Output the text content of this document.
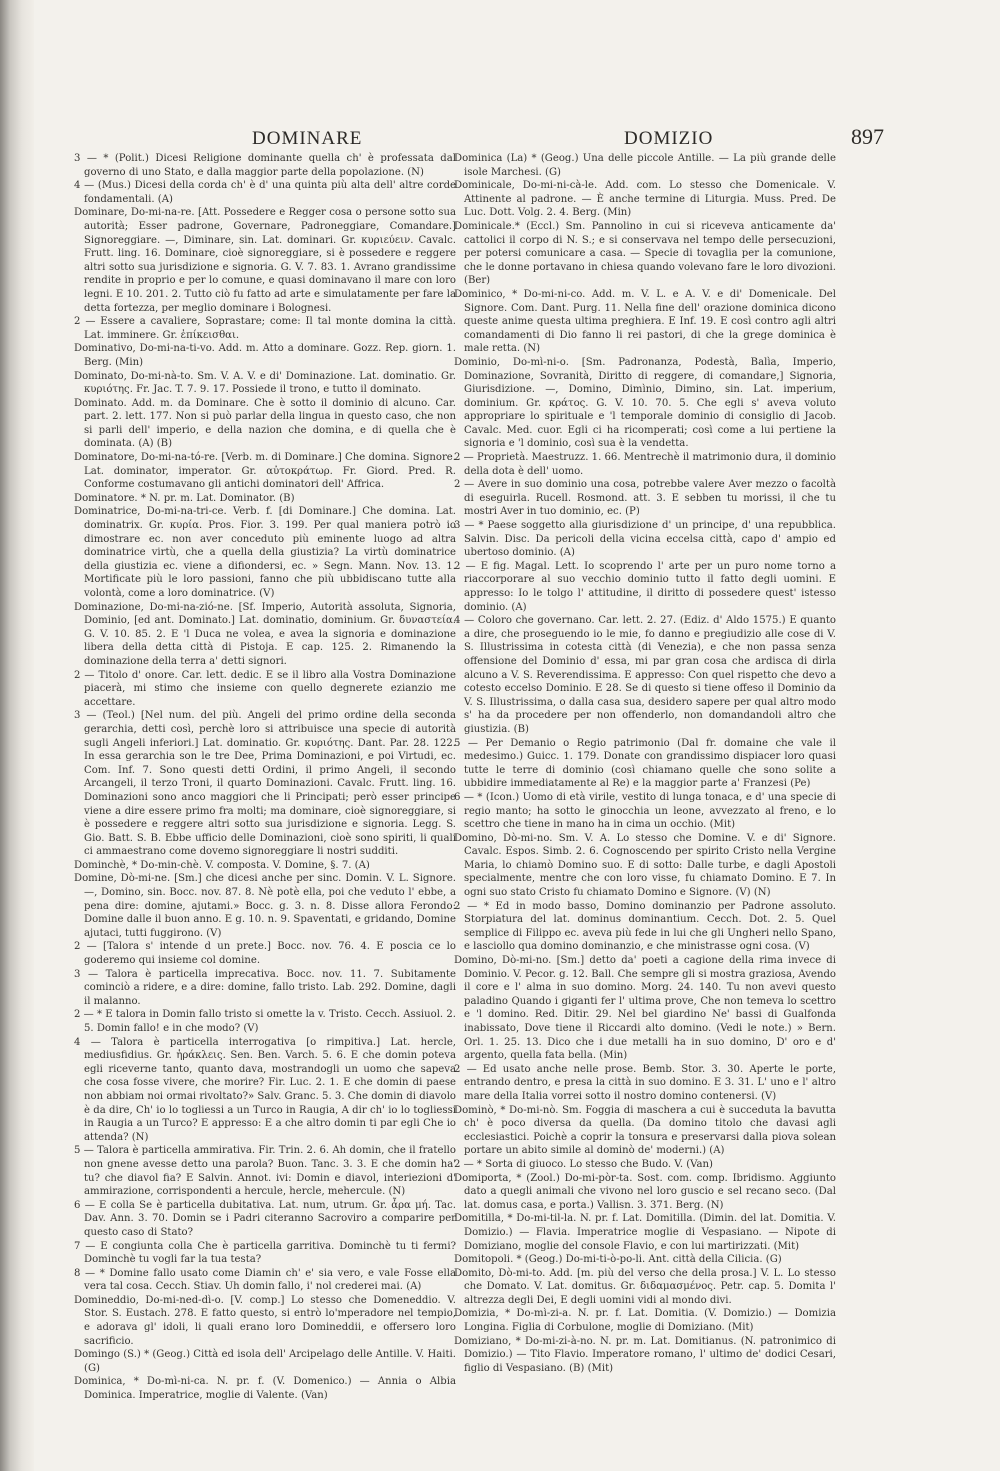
DOMINARE	DOMIZIO	897

3 — * (Polit.) Dicesi Religione dominante quella ch' è professata dal governo di uno Stato, e dalla maggior parte della popolazione. (N)

4 — (Mus.) Dicesi della corda ch' è d' una quinta più alta dell' altre corde fondamentali. (A)

Dominare, Do-mi-na-re. [Att. Possedere e Regger cosa o persone sotto sua autorità; Esser padrone, Governare, Padroneggiare, Comandare.] Signoreggiare. —, Diminare, sin. Lat. dominari. Gr. κυριεύειν. Cavalc. Frutt. ling. 16. Dominare, cioè signoreggiare, si è possedere e reggere altri sotto sua jurisdizione e signoria. G. V. 7. 83. 1. Avrano grandissime rendite in proprio e per lo comune, e quasi dominavano il mare con loro legni. E 10. 201. 2. Tutto ciò fu fatto ad arte e simulatamente per fare la detta fortezza, per meglio dominare i Bolognesi.

2 — Essere a cavaliere, Soprastare; come: Il tal monte domina la città. Lat. imminere. Gr. ἐπίκεισθαι.

Dominativo, Do-mi-na-ti-vo. Add. m. Atto a dominare. Gozz. Rep. giorn. 1. Berg. (Min)

Dominato, Do-mi-nà-to. Sm. V. A. V. e di' Dominazione. Lat. dominatio. Gr. κυριότης. Fr. Jac. T. 7. 9. 17. Possiede il trono, e tutto il dominato.

Dominato. Add. m. da Dominare. Che è sotto il dominio di alcuno. Car. part. 2. lett. 177. Non si può parlar della lingua in questo caso, che non si parli dell' imperio, e della nazion che domina, e di quella che è dominata. (A) (B)

Dominatore, Do-mi-na-tó-re. [Verb. m. di Dominare.] Che domina. Signore. Lat. dominator, imperator. Gr. αὐτοκράτωρ. Fr. Giord. Pred. R. Conforme costumavano gli antichi dominatori dell' Affrica.

Dominatore. * N. pr. m. Lat. Dominator. (B)

Dominatrice, Do-mi-na-tri-ce. Verb. f. [di Dominare.] Che domina. Lat. dominatrix. Gr. κυρία. Pros. Fior. 3. 199. Per qual maniera potrò io dimostrare ec. non aver conceduto più eminente luogo ad altra dominatrice virtù, che a quella della giustizia? La virtù dominatrice della giustizia ec. viene a difiondersi, ec. » Segn. Mann. Nov. 13. 1. Mortificate più le loro passioni, fanno che più ubbidiscano tutte alla volontà, come a loro dominatrice. (V)

Dominazione, Do-mi-na-zió-ne. [Sf. Imperio, Autorità assoluta, Signoria, Dominio, [ed ant. Dominato.] Lat. dominatio, dominium. Gr. δυναστεία. G. V. 10. 85. 2. E 'l Duca ne volea, e avea la signoria e dominazione libera della detta città di Pistoja. E cap. 125. 2. Rimanendo la dominazione della terra a' detti signori.

2 — Titolo d' onore. Car. lett. dedic. E se il libro alla Vostra Dominazione piacerà, mi stimo che insieme con quello degnerete ezianzio me accettare.

3 — (Teol.) [Nel num. del più. Angeli del primo ordine della seconda gerarchia, detti così, perchè loro si attribuisce una specie di autorità sugli Angeli inferiori.] Lat. dominatio. Gr. κυριότης. Dant. Par. 28. 122. In essa gerarchia son le tre Dee, Prima Dominazioni, e poi Virtudi, ec. Com. Inf. 7. Sono questi detti Ordini, il primo Angeli, il secondo Arcangeli, il terzo Troni, il quarto Dominazioni. Cavalc. Frutt. ling. 16. Dominazioni sono anco maggiori che li Principati; però esser principe viene a dire essere primo fra molti; ma dominare, cioè signoreggiare, si è possedere e reggere altri sotto sua jurisdizione e signoria. Legg. S. Gio. Batt. S. B. Ebbe ufficio delle Dominazioni, cioè sono spiriti, li quali ci ammaestrano come dovemo signoreggiare li nostri sudditi.

Dominchè, * Do-min-chè. V. composta. V. Domine, §. 7. (A)

Domine, Dò-mi-ne. [Sm.] che dicesi anche per sinc. Domin. V. L. Signore. —, Domino, sin. Bocc. nov. 87. 8. Nè potè ella, poi che veduto l' ebbe, a pena dire: domine, ajutami.» Bocc. g. 3. n. 8. Disse allora Ferondo: Domine dalle il buon anno. E g. 10. n. 9. Spaventati, e gridando, Domine ajutaci, tutti fuggirono. (V)

2 — [Talora s' intende d un prete.] Bocc. nov. 76. 4. E poscia ce lo goderemo qui insieme col domine.

3 — Talora è particella imprecativa. Bocc. nov. 11. 7. Subitamente cominciò a ridere, e a dire: domine, fallo tristo. Lab. 292. Domine, dagli il malanno.

2 — * E talora in Domin fallo tristo si omette la v. Tristo. Cecch. Assiuol. 2. 5. Domin fallo! e in che modo? (V)

4 — Talora è particella interrogativa [o rimpitiva.] Lat. hercle, mediusfidius. Gr. ἡράκλεις. Sen. Ben. Varch. 5. 6. E che domin poteva egli riceverne tanto, quanto dava, mostrandogli un uomo che sapeva che cosa fosse vivere, che morire? Fir. Luc. 2. 1. E che domin di paese non abbiam noi ormai rivoltato?» Salv. Granc. 5. 3. Che domin di diavolo è da dire, Ch' io lo togliessi a un Turco in Raugia, A dir ch' io lo togliessi in Raugia a un Turco? E appresso: E a che altro domin ti par egli Che io attenda? (N)

5 — Talora è particella ammirativa. Fir. Trin. 2. 6. Ah domin, che il fratello non gnene avesse detto una parola? Buon. Tanc. 3. 3. E che domin ha' tu? che diavol fia? E Salvin. Annot. ivi: Domin e diavol, interiezioni d' ammirazione, corrispondenti a hercule, hercle, mehercule. (N)

6 — E colla Se è particella dubitativa. Lat. num, utrum. Gr. ἆρα μή. Tac. Dav. Ann. 3. 70. Domin se i Padri citeranno Sacroviro a comparire per questo caso di Stato?

7 — E congiunta colla Che è particella garritiva. Dominchè tu ti fermi? Dominchè tu vogli far la tua testa?

8 — * Domine fallo usato come Diamin ch' e' sia vero, e vale Fosse ella vera tal cosa. Cecch. Stiav. Uh domin fallo, i' nol crederei mai. (A)

Domineddio, Do-mi-ned-dì-o. [V. comp.] Lo stesso che Domeneddio. V. Stor. S. Eustach. 278. E fatto questo, si entrò lo'mperadore nel tempio, e adorava gl' idoli, li quali erano loro Domineddii, e offersero loro sacrificio.

Domingo (S.) * (Geog.) Città ed isola dell' Arcipelago delle Antille. V. Haiti. (G)

Dominica, * Do-mì-ni-ca. N. pr. f. (V. Domenico.) — Annia o Albia Dominica. Imperatrice, moglie di Valente. (Van)

Dominica (La) * (Geog.) Una delle piccole Antille. — La più grande delle isole Marchesi. (G)

Dominicale, Do-mi-ni-cà-le. Add. com. Lo stesso che Domenicale. V. Attinente al padrone. — È anche termine di Liturgia. Muss. Pred. De Luc. Dott. Volg. 2. 4. Berg. (Min)

Dominicale.* (Eccl.) Sm. Pannolino in cui si riceveva anticamente da' cattolici il corpo di N. S.; e si conservava nel tempo delle persecuzioni, per potersi comunicare a casa. — Specie di tovaglia per la comunione, che le donne portavano in chiesa quando volevano fare le loro divozioni. (Ber)

Dominico, * Do-mi-ni-co. Add. m. V. L. e A. V. e di' Domenicale. Del Signore. Com. Dant. Purg. 11. Nella fine dell' orazione dominica dicono queste anime questa ultima preghiera. E Inf. 19. E così contro agli altri comandamenti di Dio fanno li rei pastori, di che la grege dominica è male retta. (N)

Dominio, Do-mì-ni-o. [Sm. Padronanza, Podestà, Balìa, Imperio, Dominazione, Sovranità, Diritto di reggere, di comandare,] Signoria, Giurisdizione. —, Domino, Dimìnio, Dimino, sin. Lat. imperium, dominium. Gr. κράτος. G. V. 10. 70. 5. Che egli s' aveva voluto appropriare lo spirituale e 'l temporale dominio di consiglio di Jacob. Cavalc. Med. cuor. Egli ci ha ricomperati; così come a lui pertiene la signoria e 'l dominio, così sua è la vendetta.

2 — Proprietà. Maestruzz. 1. 66. Mentrechè il matrimonio dura, il dominio della dota è dell' uomo.

2 — Avere in suo dominio una cosa, potrebbe valere Aver mezzo o facoltà di eseguirla. Rucell. Rosmond. att. 3. E sebben tu morissi, il che tu mostri Aver in tuo dominio, ec. (P)

3 — * Paese soggetto alla giurisdizione d' un principe, d' una repubblica. Salvin. Disc. Da pericoli della vicina eccelsa città, capo d' ampio ed ubertoso dominio. (A)

2 — E fig. Magal. Lett. Io scoprendo l' arte per un puro nome torno a riaccorporare al suo vecchio dominio tutto il fatto degli uomini. E appresso: Io le tolgo l' attitudine, il diritto di possedere quest' istesso dominio. (A)

4 — Coloro che governano. Car. lett. 2. 27. (Ediz. d' Aldo 1575.) E quanto a dire, che proseguendo io le mie, fo danno e pregiudizio alle cose di V. S. Illustrissima in cotesta città (di Venezia), e che non passa senza offensione del Dominio d' essa, mi par gran cosa che ardisca di dirla alcuno a V. S. Reverendissima. E appresso: Con quel rispetto che devo a cotesto eccelso Dominio. E 28. Se di questo si tiene offeso il Dominio da V. S. Illustrissima, o dalla casa sua, desidero sapere per qual altro modo s' ha da procedere per non offenderlo, non domandandoli altro che giustizia. (B)

5 — Per Demanio o Regio patrimonio (Dal fr. domaine che vale il medesimo.) Guicc. 1. 179. Donate con grandissimo dispiacer loro quasi tutte le terre di dominio (così chiamano quelle che sono solite a ubbidire immediatamente al Re) e la maggior parte a' Franzesi (Pe)

6 — * (Icon.) Uomo di età virile, vestito di lunga tonaca, e d' una specie di regio manto; ha sotto le ginocchia un leone, avvezzato al freno, e lo scettro che tiene in mano ha in cima un occhio. (Mit)

Domino, Dò-mi-no. Sm. V. A. Lo stesso che Domine. V. e di' Signore. Cavalc. Espos. Simb. 2. 6. Cognoscendo per spirito Cristo nella Vergine Maria, lo chiamò Domino suo. E di sotto: Dalle turbe, e dagli Apostoli specialmente, mentre che con loro visse, fu chiamato Domino. E 7. In ogni suo stato Cristo fu chiamato Domino e Signore. (V) (N)

2 — * Ed in modo basso, Domino dominanzio per Padrone assoluto. Storpiatura del lat. dominus dominantium. Cecch. Dot. 2. 5. Quel semplice di Filippo ec. aveva più fede in lui che gli Ungheri nello Spano, e lasciollo qua domino dominanzio, e che ministrasse ogni cosa. (V)

Domino, Dò-mi-no. [Sm.] detto da' poeti a cagione della rima invece di Dominio. V. Pecor. g. 12. Ball. Che sempre gli si mostra graziosa, Avendo il core e l' alma in suo domino. Morg. 24. 140. Tu non avevi questo paladino Quando i giganti fer l' ultima prove, Che non temeva lo scettro e 'l domino. Red. Ditir. 29. Nel bel giardino Ne' bassi di Gualfonda inabissato, Dove tiene il Riccardi alto domino. (Vedi le note.) » Bern. Orl. 1. 25. 13. Dico che i due metalli ha in suo domino, D' oro e d' argento, quella fata bella. (Min)

2 — Ed usato anche nelle prose. Bemb. Stor. 3. 30. Aperte le porte, entrando dentro, e presa la città in suo domino. E 3. 31. L' uno e l' altro mare della Italia vorrei sotto il nostro domino contenersi. (V)

Dominò, * Do-mi-nò. Sm. Foggia di maschera a cui è succeduta la bavutta ch' è poco diversa da quella. (Da domino titolo che davasi agli ecclesiastici. Poichè a coprir la tonsura e preservarsi dalla piova solean portare un abito simile al dominò de' moderni.) (A)

2 — * Sorta di giuoco. Lo stesso che Budo. V. (Van)

Domiporta, * (Zool.) Do-mi-pòr-ta. Sost. com. comp. Ibridismo. Aggiunto dato a quegli animali che vivono nel loro guscio e sel recano seco. (Dal lat. domus casa, e porta.) Vallisn. 3. 371. Berg. (N)

Domitilla, * Do-mi-til-la. N. pr. f. Lat. Domitilla. (Dimin. del lat. Domitia. V. Domizio.) — Flavia. Imperatrice moglie di Vespasiano. — Nipote di Domiziano, moglie del console Flavio, e con lui martirizzati. (Mit)

Domitopoli. * (Geog.) Do-mi-ti-ò-po-li. Ant. città della Cilicia. (G)

Domito, Dò-mi-to. Add. [m. più del verso che della prosa.] V. L. Lo stesso che Domato. V. Lat. domitus. Gr. διδαμασμένος. Petr. cap. 5. Domita l' altrezza degli Dei, E degli uomini vidi al mondo divi.

Domizia, * Do-mì-zi-a. N. pr. f. Lat. Domitia. (V. Domizio.) — Domizia Longina. Figlia di Corbulone, moglie di Domiziano. (Mit)

Domiziano, * Do-mi-zi-à-no. N. pr. m. Lat. Domitianus. (N. patronimico di Domizio.) — Tito Flavio. Imperatore romano, l' ultimo de' dodici Cesari, figlio di Vespasiano. (B) (Mit)
